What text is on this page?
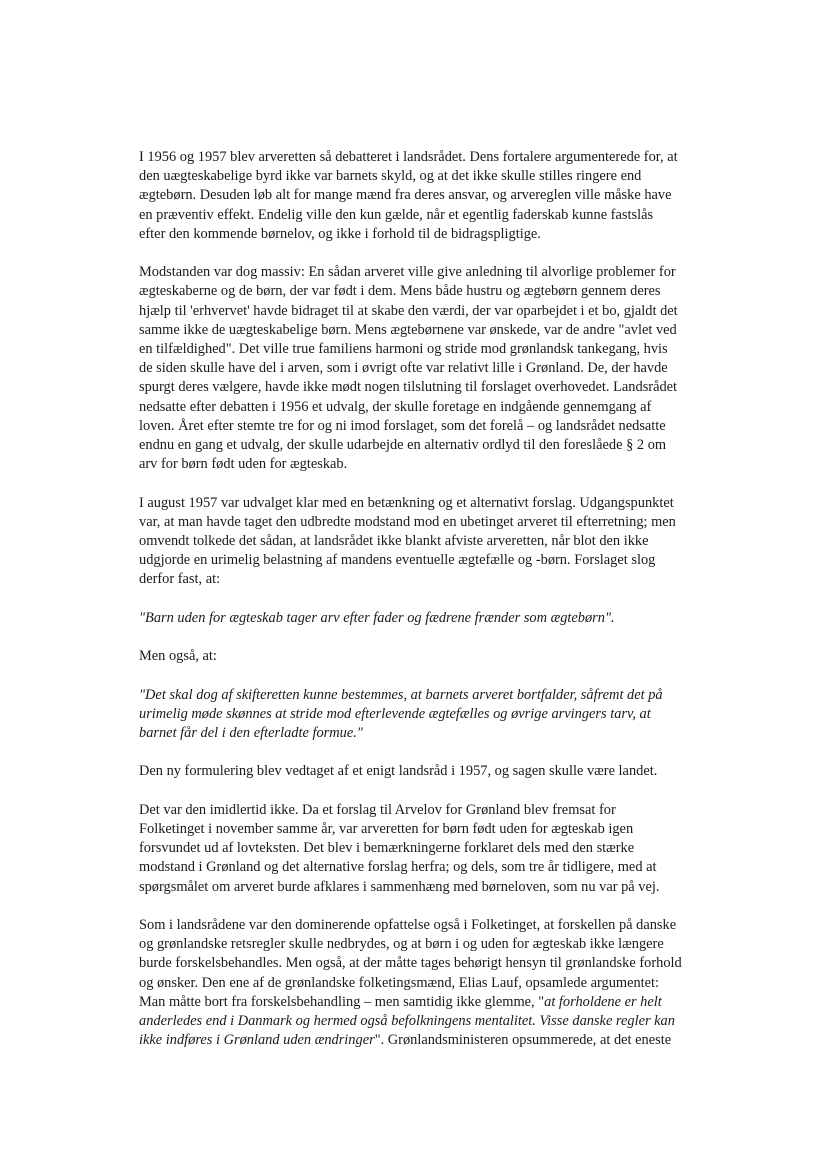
I 1956 og 1957 blev arveretten så debatteret i landsrådet. Dens fortalere argumenterede for, at
den uægteskabelige byrd ikke var barnets skyld, og at det ikke skulle stilles ringere end
ægtebørn. Desuden løb alt for mange mænd fra deres ansvar, og arvereglen ville måske have
en præventiv effekt. Endelig ville den kun gælde, når et egentlig faderskab kunne fastslås
efter den kommende børnelov, og ikke i forhold til de bidragspligtige.

Modstanden var dog massiv: En sådan arveret ville give anledning til alvorlige problemer for
ægteskaberne og de børn, der var født i dem. Mens både hustru og ægtebørn gennem deres
hjælp til 'erhvervet' havde bidraget til at skabe den værdi, der var oparbejdet i et bo, gjaldt det
samme ikke de uægteskabelige børn. Mens ægtebørnene var ønskede, var de andre "avlet ved
en tilfældighed". Det ville true familiens harmoni og stride mod grønlandsk tankegang, hvis
de siden skulle have del i arven, som i øvrigt ofte var relativt lille i Grønland. De, der havde
spurgt deres vælgere, havde ikke mødt nogen tilslutning til forslaget overhovedet. Landsrådet
nedsatte efter debatten i 1956 et udvalg, der skulle foretage en indgående gennemgang af
loven. Året efter stemte tre for og ni imod forslaget, som det forelå – og landsrådet nedsatte
endnu en gang et udvalg, der skulle udarbejde en alternativ ordlyd til den foreslåede § 2 om
arv for børn født uden for ægteskab.

I august 1957 var udvalget klar med en betænkning og et alternativt forslag. Udgangspunktet
var, at man havde taget den udbredte modstand mod en ubetinget arveret til efterretning; men
omvendt tolkede det sådan, at landsrådet ikke blankt afviste arveretten, når blot den ikke
udgjorde en urimelig belastning af mandens eventuelle ægtefælle og -børn. Forslaget slog
derfor fast, at:

"Barn uden for ægteskab tager arv efter fader og fædrene frænder som ægtebørn".

Men også, at:

"Det skal dog af skifteretten kunne bestemmes, at barnets arveret bortfalder, såfremt det på
urimelig møde skønnes at stride mod efterlevende ægtefælles og øvrige arvingers tarv, at
barnet får del i den efterladte formue."

Den ny formulering blev vedtaget af et enigt landsråd i 1957, og sagen skulle være landet.

Det var den imidlertid ikke. Da et forslag til Arvelov for Grønland blev fremsat for
Folketinget i november samme år, var arveretten for børn født uden for ægteskab igen
forsvundet ud af lovteksten. Det blev i bemærkningerne forklaret dels med den stærke
modstand i Grønland og det alternative forslag herfra; og dels, som tre år tidligere, med at
spørgsmålet om arveret burde afklares i sammenhæng med børneloven, som nu var på vej.

Som i landsrådene var den dominerende opfattelse også i Folketinget, at forskellen på danske
og grønlandske retsregler skulle nedbrydes, og at børn i og uden for ægteskab ikke længere
burde forskelsbehandles. Men også, at der måtte tages behørigt hensyn til grønlandske forhold
og ønsker. Den ene af de grønlandske folketingsmænd, Elias Lauf, opsamlede argumentet:
Man måtte bort fra forskelsbehandling – men samtidig ikke glemme, "at forholdene er helt
anderledes end i Danmark og hermed også befolkningens mentalitet. Visse danske regler kan
ikke indføres i Grønland uden ændringer". Grønlandsministeren opsummerede, at det eneste
